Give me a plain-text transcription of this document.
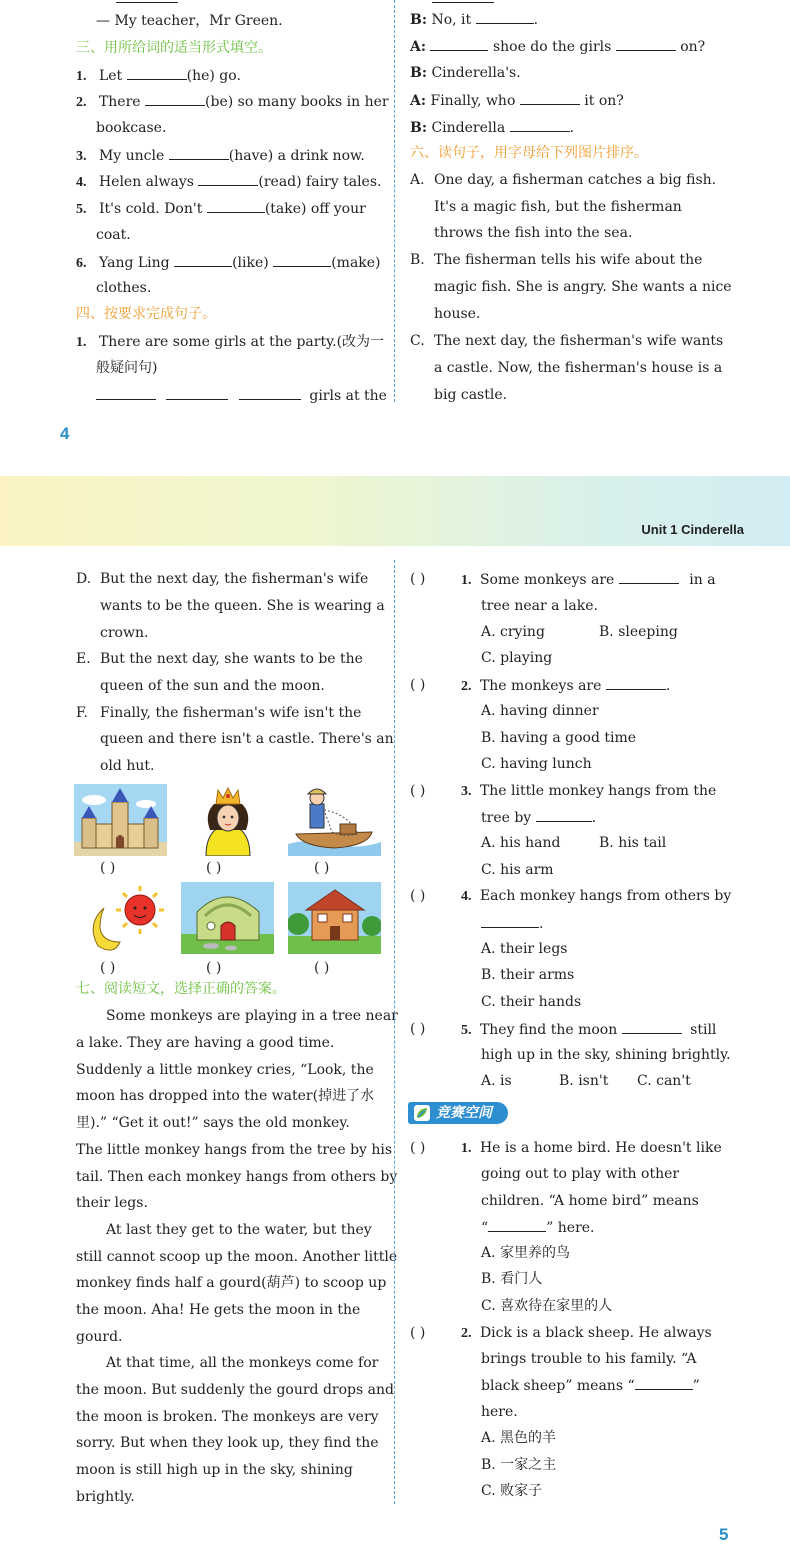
— My teacher，Mr Green.
三、用所给词的适当形式填空。
1. Let	(he) go.
2. There	(be) so many books in her
bookcase.
3. My uncle	(have) a drink now.
4. Helen always	(read) fairy tales.
5. It's cold. Don't	(take) off your
coat.
6. Yang Ling	(like)	(make)
clothes.
四、按要求完成句子。
1. There are some girls at the party.(改为一
般疑问句)
girls at the
B: No, it	.
A:	shoe do the girls	on?
B: Cinderella's.
A: Finally, who	it on?
B: Cinderella	.
六、读句子，用字母给下列图片排序。
A. One day, a fisherman catches a big fish.
It's a magic fish, but the fisherman
throws the fish into the sea.
B. The fisherman tells his wife about the
magic fish. She is angry. She wants a nice
house.
C. The next day, the fisherman's wife wants
a castle. Now, the fisherman's house is a
big castle.
4
Unit 1 Cinderella
D. But the next day, the fisherman's wife
wants to be the queen. She is wearing a
crown.
E. But the next day, she wants to be the
queen of the sun and the moon.
F. Finally, the fisherman's wife isn't the
queen and there isn't a castle. There's an
old hut.
( )	( )	( )
( )	( )	( )
七、阅读短文，选择正确的答案。
Some monkeys are playing in a tree near
a lake. They are having a good time.
Suddenly a little monkey cries, “Look, the
moon has dropped into the water(掉进了水
里).” “Get it out!” says the old monkey.
The little monkey hangs from the tree by his
tail. Then each monkey hangs from others by
their legs.
At last they get to the water, but they
still cannot scoop up the moon. Another little
monkey finds half a gourd(葫芦) to scoop up
the moon. Aha! He gets the moon in the
gourd.
At that time, all the monkeys come for
the moon. But suddenly the gourd drops and
the moon is broken. The monkeys are very
sorry. But when they look up, they find the
moon is still high up in the sky, shining
brightly.
( )	1. Some monkeys are	in a
tree near a lake.
A. crying	B. sleeping
C. playing
( )	2. The monkeys are	.
A. having dinner
B. having a good time
C. having lunch
( )	3. The little monkey hangs from the
tree by	.
A. his hand	B. his tail
C. his arm
( )	4. Each monkey hangs from others by
.
A. their legs
B. their arms
C. their hands
( )	5. They find the moon	still
high up in the sky, shining brightly.
A. is	B. isn't C. can't
竞赛空间
( )	1. He is a home bird. He doesn't like
going out to play with other
children. “A home bird” means
“	” here.
A. 家里养的鸟
B. 看门人
C. 喜欢待在家里的人
( )	2. Dick is a black sheep. He always
brings trouble to his family. “A
black sheep” means “	”
here.
A. 黑色的羊
B. 一家之主
C. 败家子
5
